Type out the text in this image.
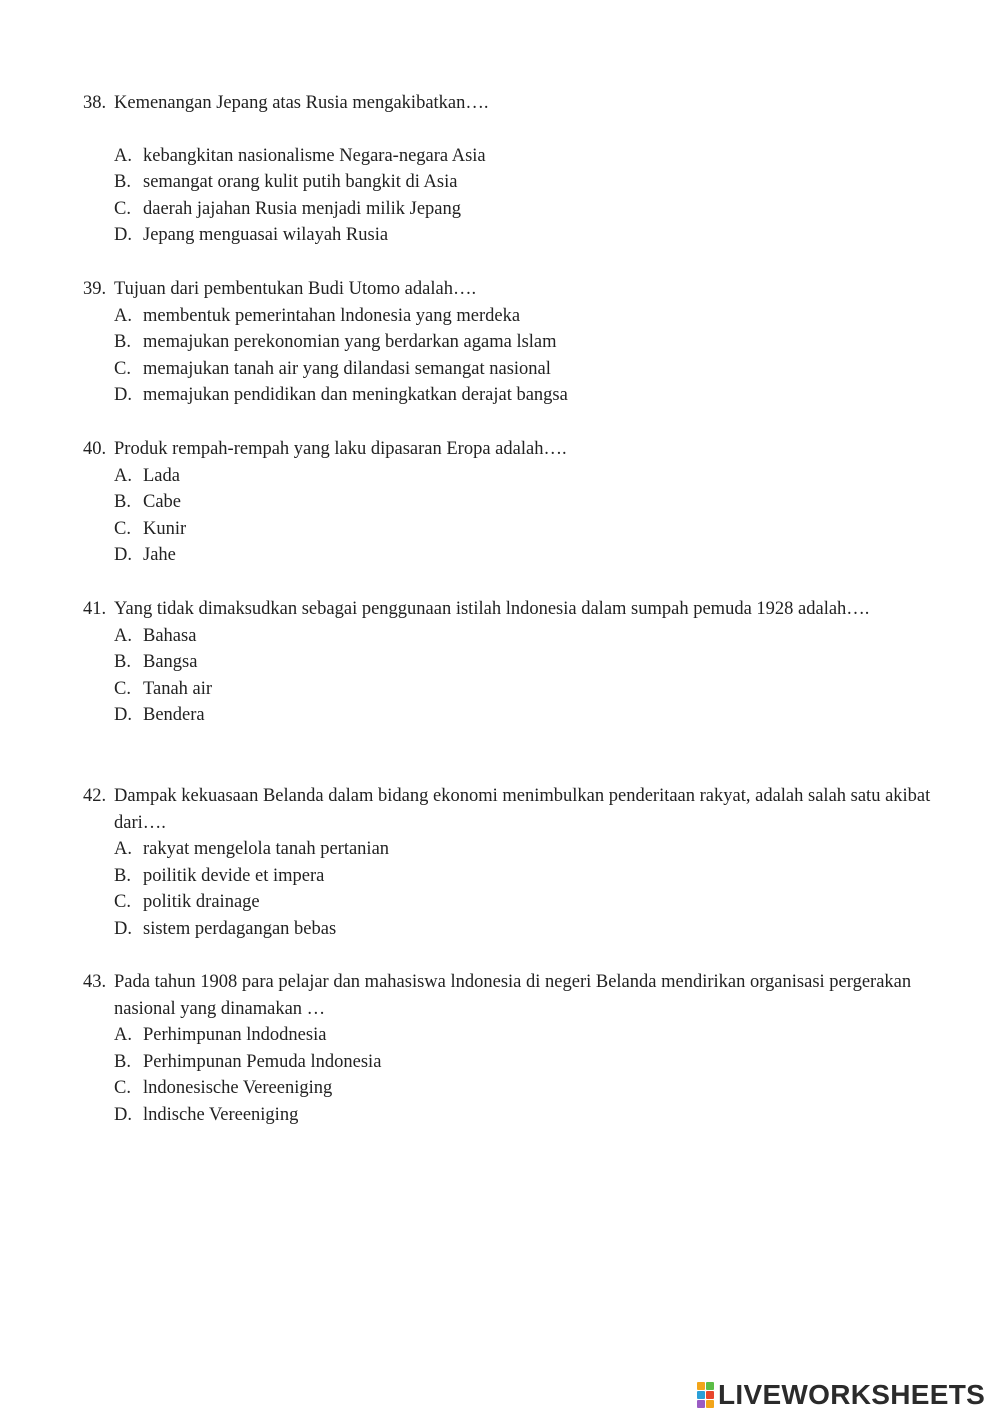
38. Kemenangan Jepang atas Rusia mengakibatkan….
A. kebangkitan nasionalisme Negara-negara Asia
B. semangat orang kulit putih bangkit di Asia
C. daerah jajahan Rusia menjadi milik Jepang
D. Jepang menguasai wilayah Rusia
39. Tujuan dari pembentukan Budi Utomo adalah….
A. membentuk pemerintahan lndonesia yang merdeka
B. memajukan perekonomian yang berdarkan agama lslam
C. memajukan tanah air yang dilandasi semangat nasional
D. memajukan pendidikan dan meningkatkan derajat bangsa
40. Produk rempah-rempah yang laku dipasaran Eropa adalah….
A. Lada
B. Cabe
C. Kunir
D. Jahe
41. Yang tidak dimaksudkan sebagai penggunaan istilah lndonesia dalam sumpah pemuda 1928 adalah….
A. Bahasa
B. Bangsa
C. Tanah air
D. Bendera
42. Dampak kekuasaan Belanda dalam bidang ekonomi menimbulkan penderitaan rakyat, adalah salah satu akibat dari….
A. rakyat mengelola tanah pertanian
B. poilitik devide et impera
C. politik drainage
D. sistem perdagangan bebas
43. Pada tahun 1908 para pelajar dan mahasiswa lndonesia di negeri Belanda mendirikan organisasi pergerakan nasional yang dinamakan …
A. Perhimpunan lndodnesia
B. Perhimpunan Pemuda lndonesia
C. lndonesische Vereeniging
D. lndische Vereeniging
LIVEWORKSHEETS
